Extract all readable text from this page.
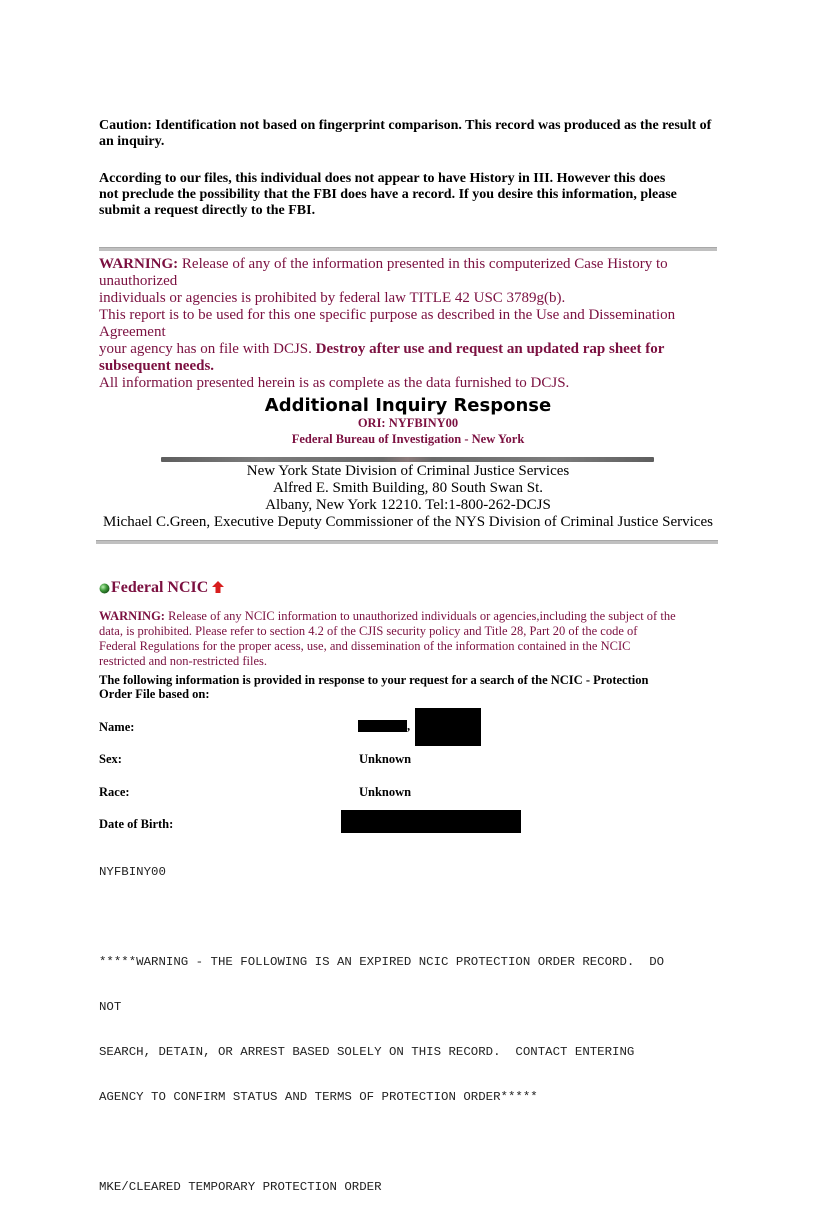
Caution: Identification not based on fingerprint comparison. This record was produced as the result of an inquiry.
According to our files, this individual does not appear to have History in III. However this does
not preclude the possibility that the FBI does have a record. If you desire this information, please
submit a request directly to the FBI.
WARNING: Release of any of the information presented in this computerized Case History to
unauthorized
individuals or agencies is prohibited by federal law TITLE 42 USC 3789g(b).
This report is to be used for this one specific purpose as described in the Use and Dissemination
Agreement
your agency has on file with DCJS. Destroy after use and request an updated rap sheet for
subsequent needs.
All information presented herein is as complete as the data furnished to DCJS.
Additional Inquiry Response
ORI: NYFBINY00
Federal Bureau of Investigation - New York
New York State Division of Criminal Justice Services
Alfred E. Smith Building, 80 South Swan St.
Albany, New York 12210. Tel:1-800-262-DCJS
Michael C.Green, Executive Deputy Commissioner of the NYS Division of Criminal Justice Services
Federal NCIC
WARNING: Release of any NCIC information to unauthorized individuals or agencies,including the subject of the
data, is prohibited. Please refer to section 4.2 of the CJIS security policy and Title 28, Part 20 of the code of
Federal Regulations for the proper acess, use, and dissemination of the information contained in the NCIC
restricted and non-restricted files.
The following information is provided in response to your request for a search of the NCIC - Protection
Order File based on:
Name:	,
Sex:	Unknown
Race:	Unknown
Date of Birth:

NYFBINY00

*****WARNING - THE FOLLOWING IS AN EXPIRED NCIC PROTECTION ORDER RECORD.  DO

NOT

SEARCH, DETAIN, OR ARREST BASED SOLELY ON THIS RECORD.  CONTACT ENTERING

AGENCY TO CONFIRM STATUS AND TERMS OF PROTECTION ORDER*****

MKE/CLEARED TEMPORARY PROTECTION ORDER
